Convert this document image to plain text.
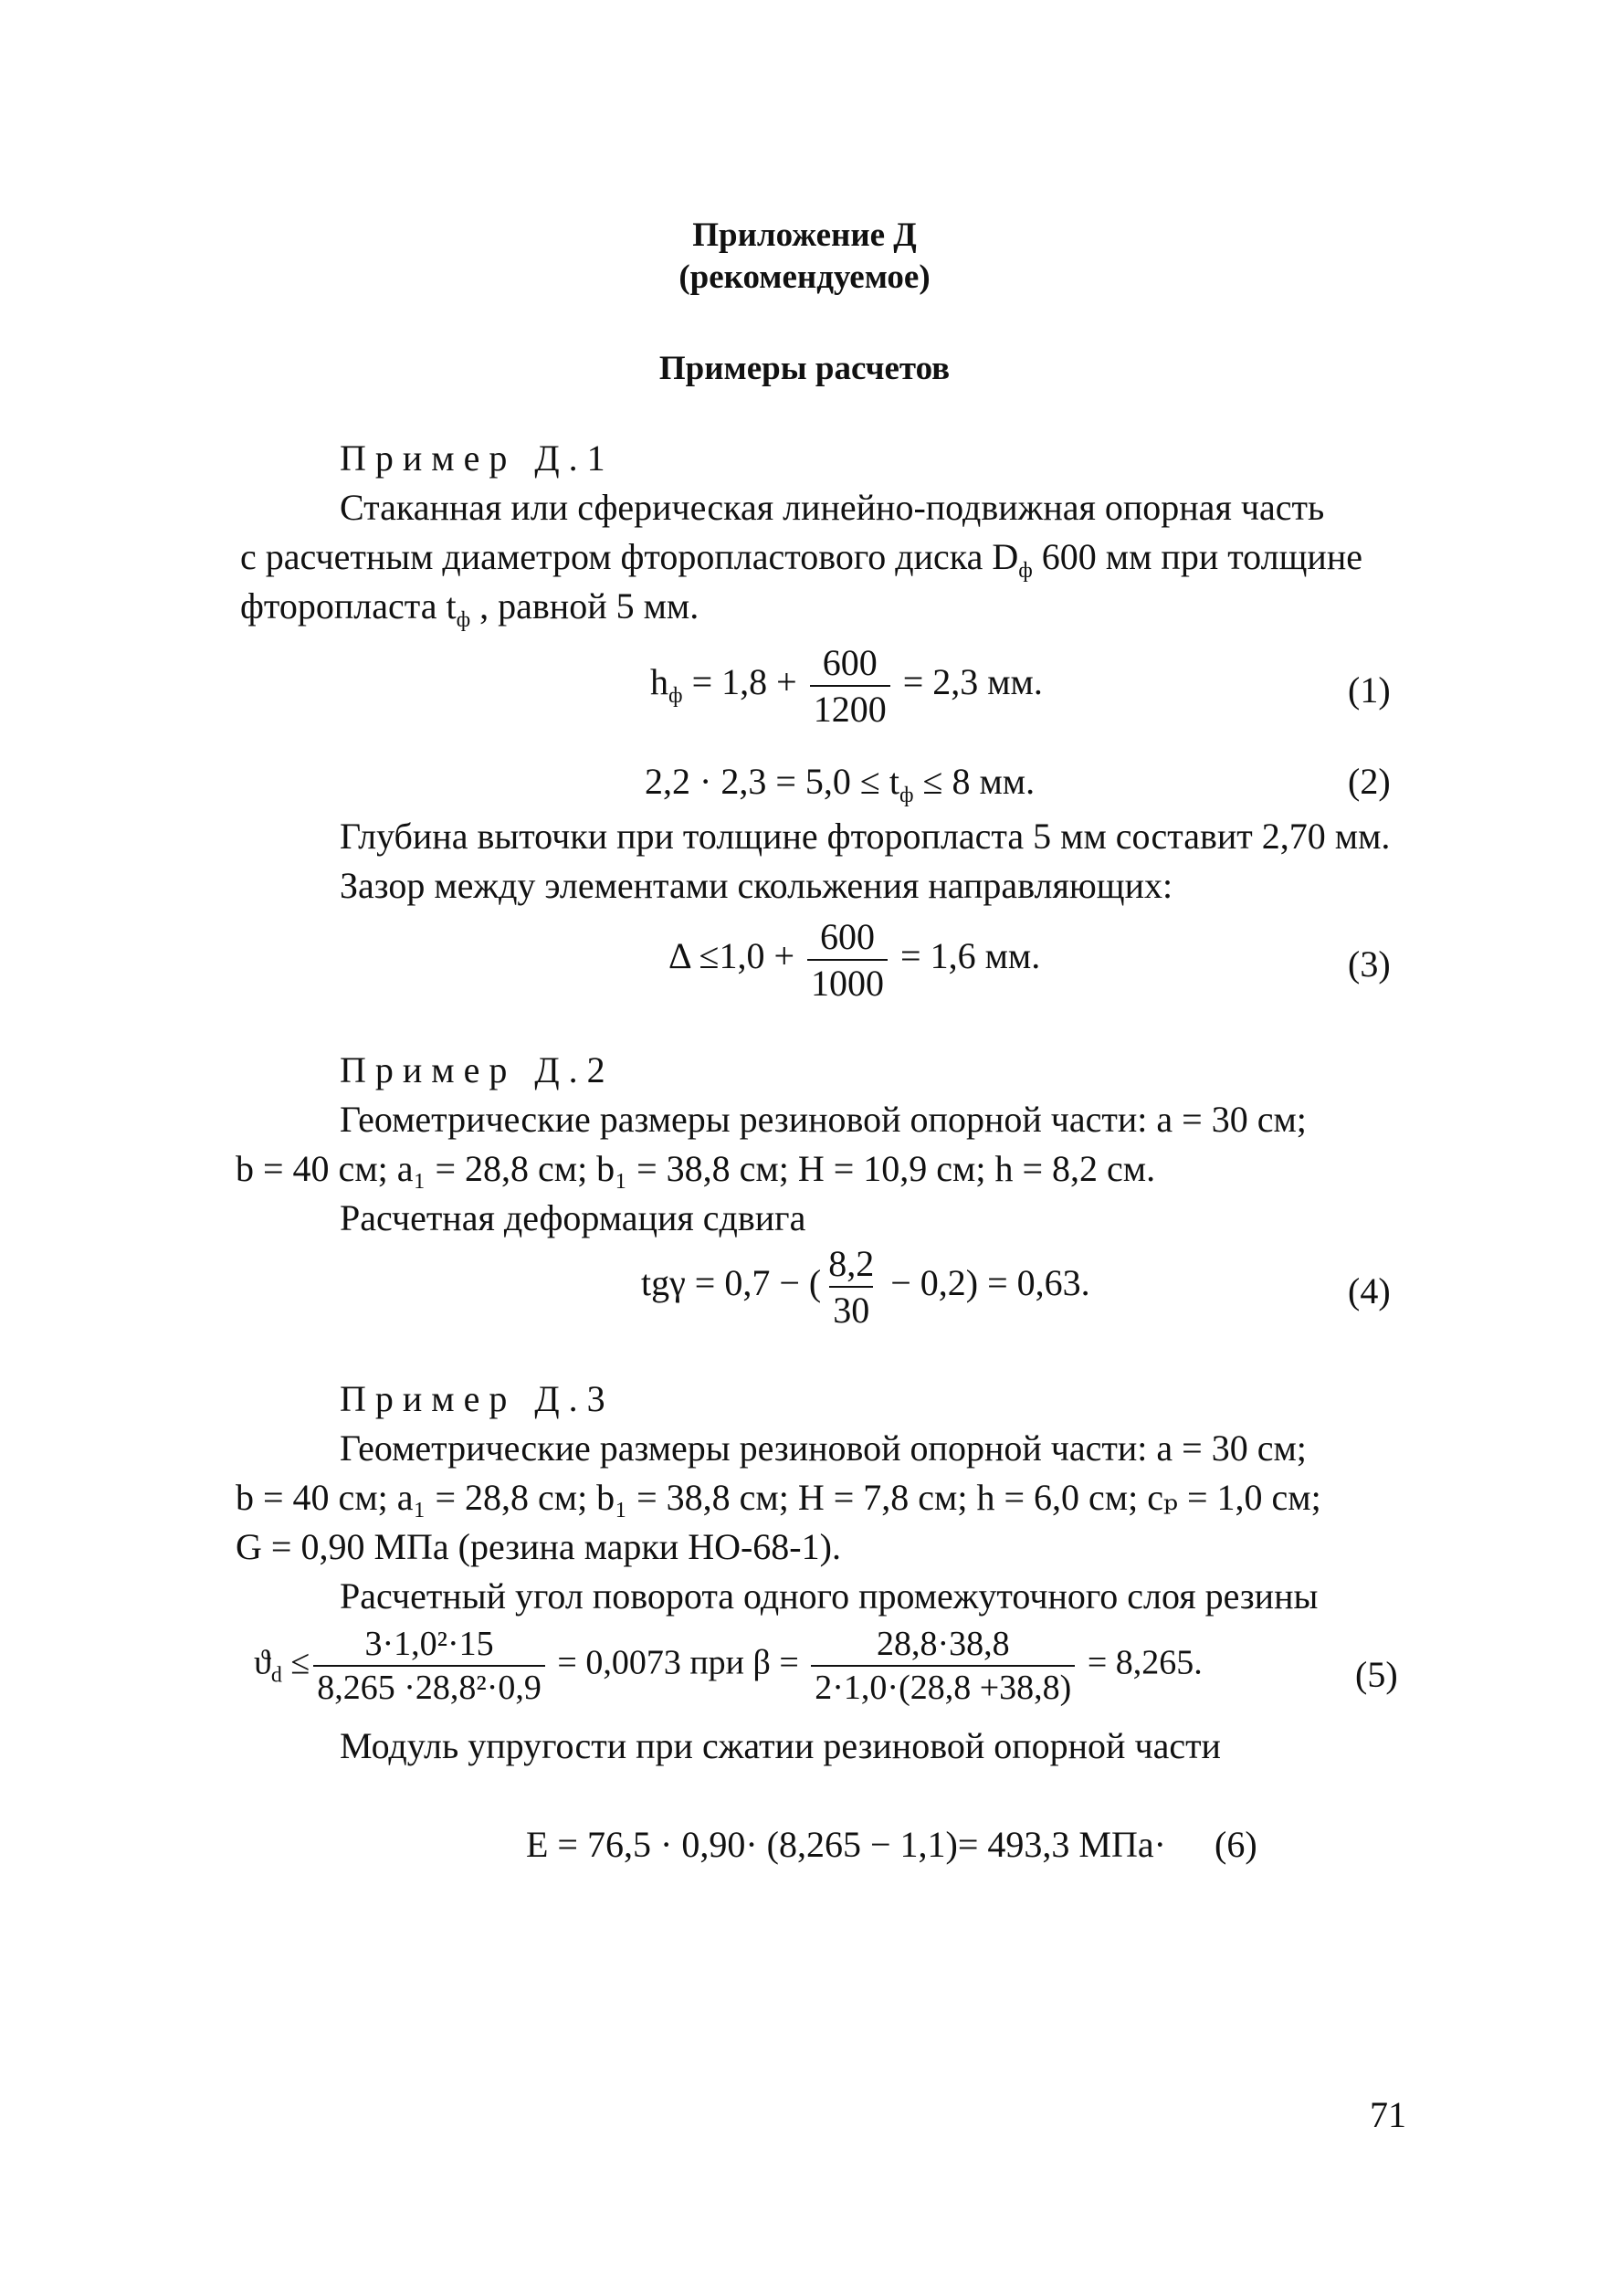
Приложение Д
(рекомендуемое)
Примеры расчетов
Пример Д.1
Стаканная или сферическая линейно-подвижная опорная часть
с расчетным диаметром фторопластового диска $D_ф$ 600 мм при толщине
фторопласта $t_ф$ , равной 5 мм.
$h_ф = 1,8 + \frac{600}{1200} = 2,3$ мм.	(1)
$2,2 \cdot 2,3 = 5,0 \le t_ф \le 8$ мм.	(2)
Глубина выточки при толщине фторопласта 5 мм составит 2,70 мм.
Зазор между элементами скольжения направляющих:
$\Delta \le 1,0 + \frac{600}{1000} = 1,6$ мм.	(3)
Пример Д.2
Геометрические размеры резиновой опорной части: a = 30 см;
b = 40 см; a₁ = 28,8 см; b₁ = 38,8 см; H = 10,9 см; h = 8,2 см.
Расчетная деформация сдвига
tgγ = 0,7 − ( $\frac{8,2}{30} - 0,2) = 0,63$.	(4)
Пример Д.3
Геометрические размеры резиновой опорной части: a = 30 см;
b = 40 см; a₁ = 28,8 см; b₁ = 38,8 см; H = 7,8 см; h = 6,0 см; cₚ = 1,0 см;
G = 0,90 МПа (резина марки НО-68-1).
Расчетный угол поворота одного промежуточного слоя резины
$ϑ_d \le \frac{\text{3·1,0²·15}}{\text{8,265 ·28,8²·0,9}} = 0,0073$ при $\beta = \frac{28,8\cdot 38,8}{2\cdot 1,0\cdot(28,8 +38,8)} = 8,265$.	(5)
Модуль упругости при сжатии резиновой опорной части
E = 76,5 · 0,90· (8,265 − 1,1)= 493,3 МПа· (6)
71
